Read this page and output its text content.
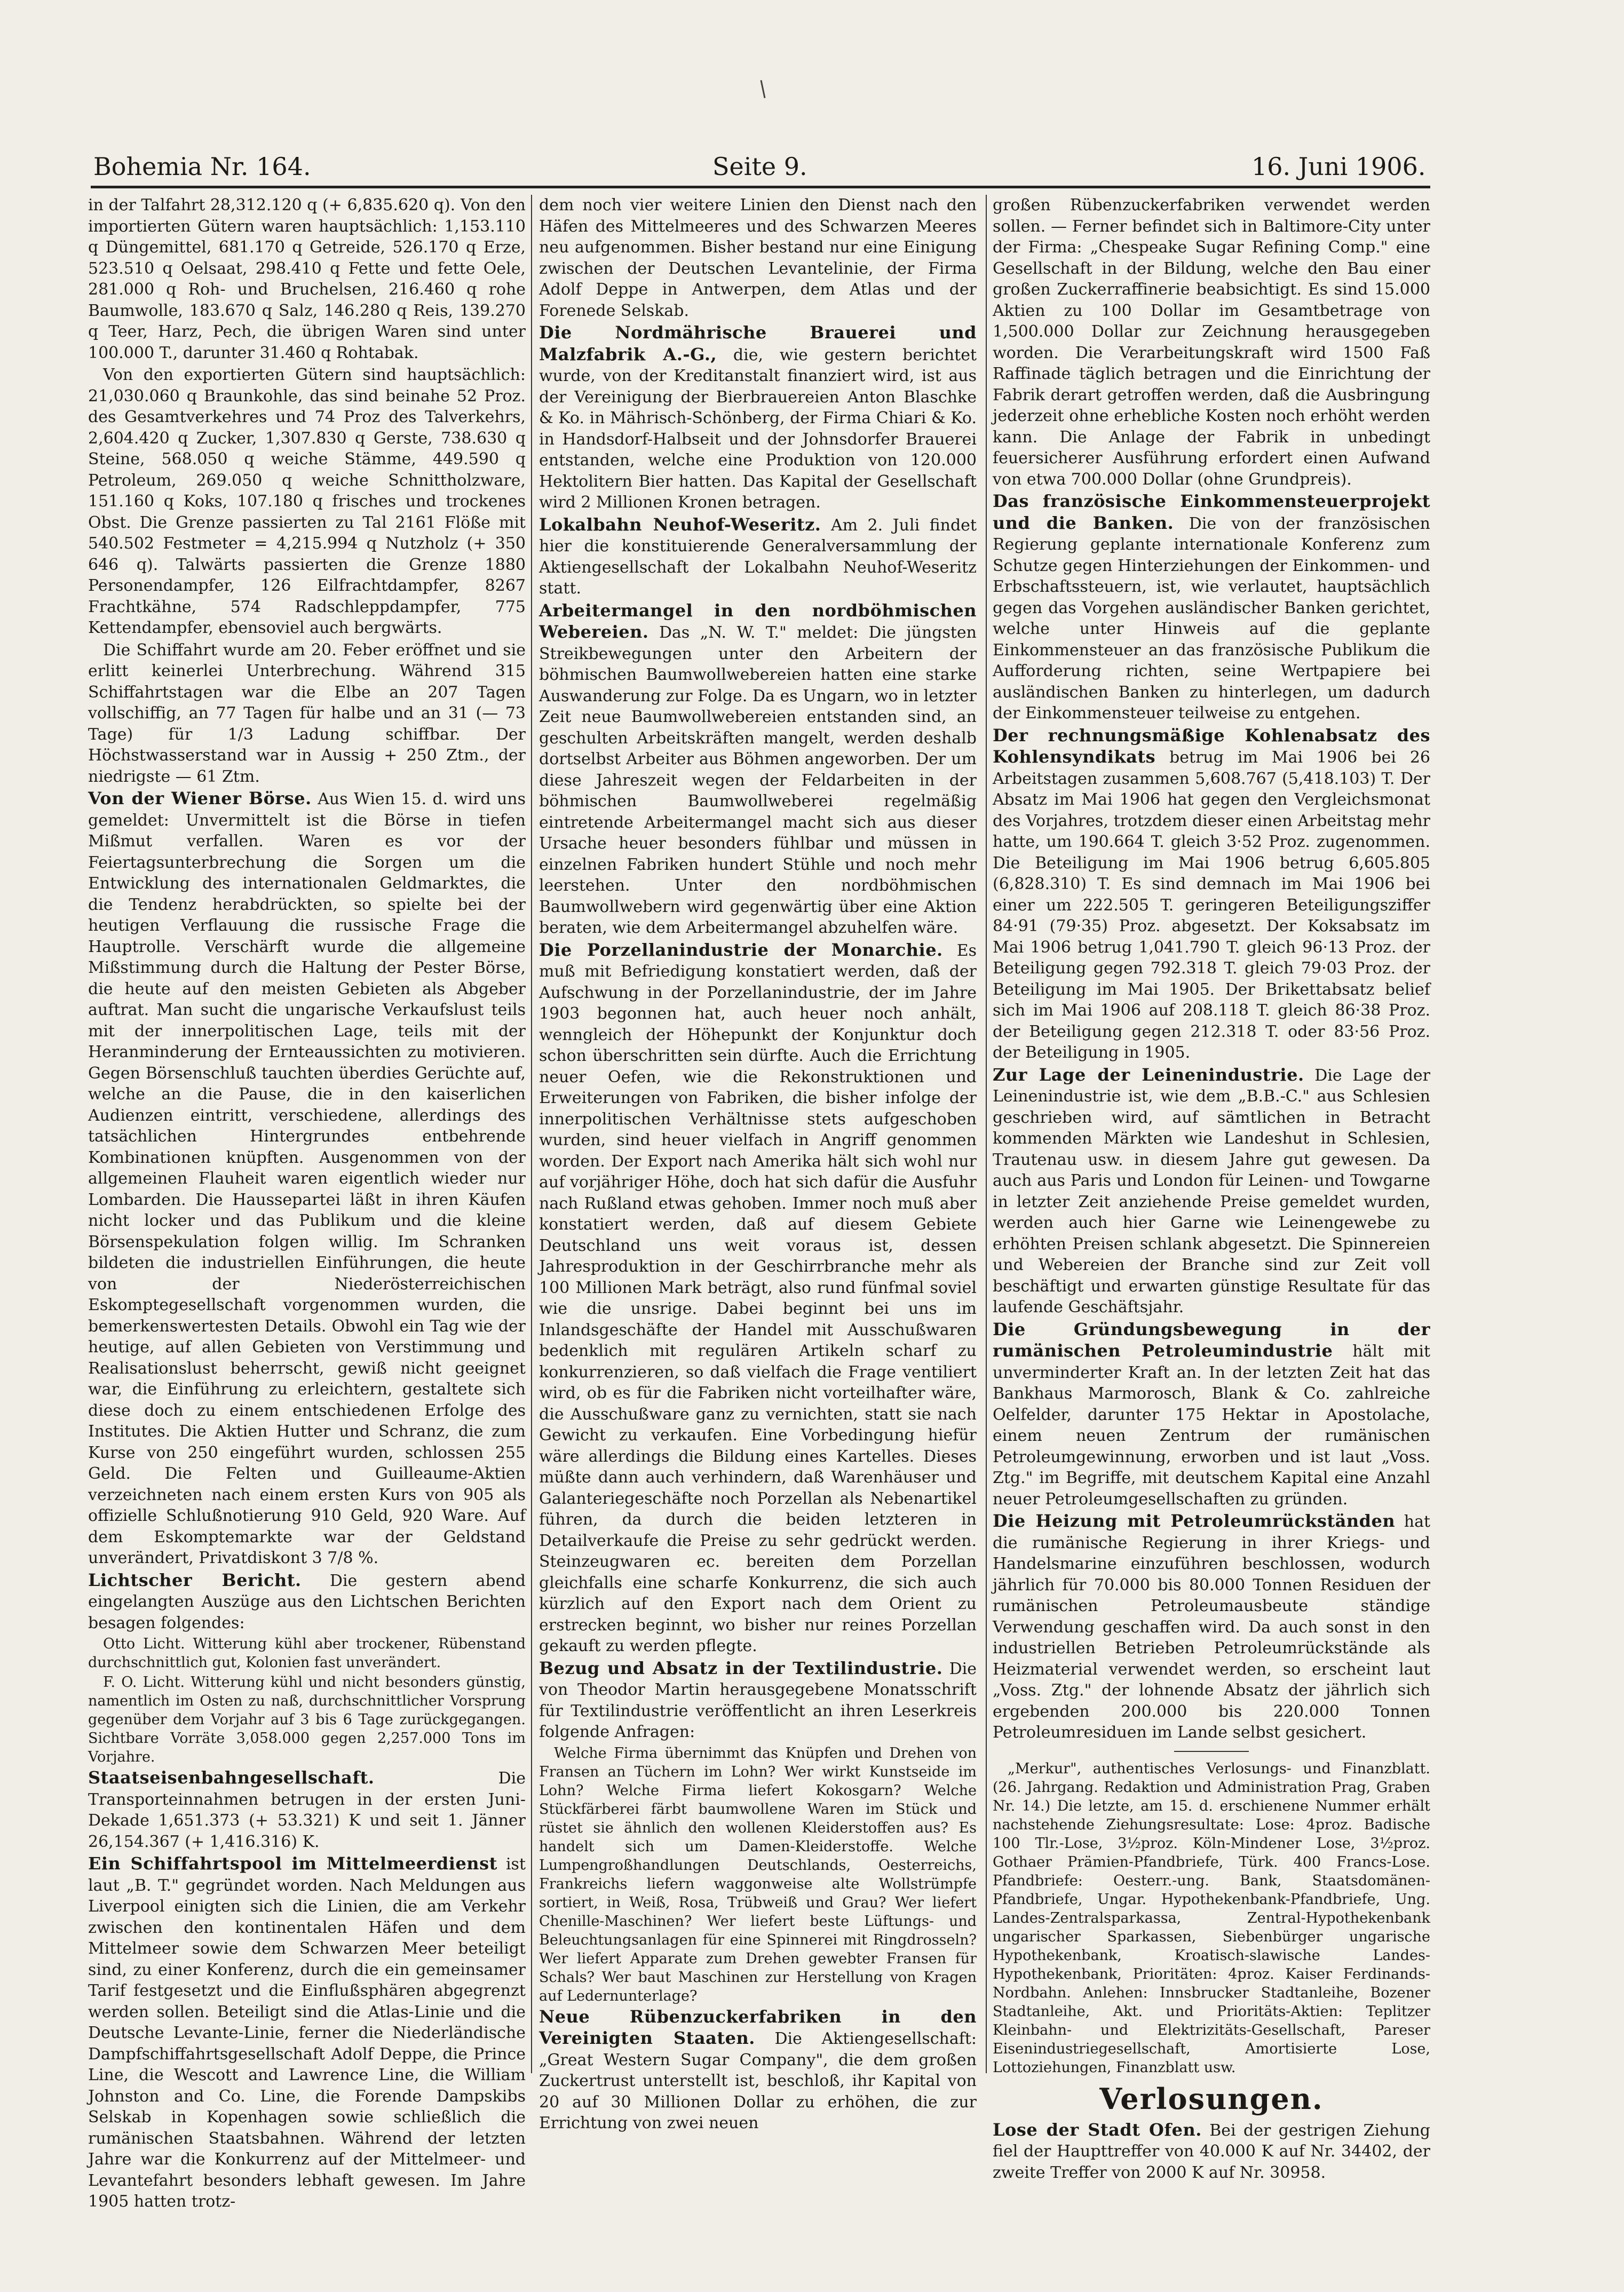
Bohemia Nr. 164.	Seite 9.	16. Juni 1906.

in der Talfahrt 28,312.120 q (+ 6,835.620 q). Von den importierten Gütern waren hauptsächlich: 1,153.110 q Düngemittel, 681.170 q Getreide, 526.170 q Erze, 523.510 q Oelsaat, 298.410 q Fette und fette Oele, 281.000 q Roh- und Bruchelsen, 216.460 q rohe Baumwolle, 183.670 q Salz, 146.280 q Reis, 139.270 q Teer, Harz, Pech, die übrigen Waren sind unter 100.000 T., darunter 31.460 q Rohtabak.

Von den exportierten Gütern sind hauptsächlich: 21,030.060 q Braunkohle, das sind beinahe 52 Proz. des Gesamtverkehres und 74 Proz des Talverkehrs, 2,604.420 q Zucker, 1,307.830 q Gerste, 738.630 q Steine, 568.050 q weiche Stämme, 449.590 q Petroleum, 269.050 q weiche Schnittholzware, 151.160 q Koks, 107.180 q frisches und trockenes Obst. Die Grenze passierten zu Tal 2161 Flöße mit 540.502 Festmeter = 4,215.994 q Nutzholz (+ 350 646 q). Talwärts passierten die Grenze 1880 Personendampfer, 126 Eilfrachtdampfer, 8267 Frachtkähne, 574 Radschleppdampfer, 775 Kettendampfer, ebensoviel auch bergwärts.

Die Schiffahrt wurde am 20. Feber eröffnet und sie erlitt keinerlei Unterbrechung. Während 315 Schiffahrtstagen war die Elbe an 207 Tagen vollschiffig, an 77 Tagen für halbe und an 31 (— 73 Tage) für 1/3 Ladung schiffbar. Der Höchstwasserstand war in Aussig + 250 Ztm., der niedrigste — 61 Ztm.

Von der Wiener Börse. Aus Wien 15. d. wird uns gemeldet: Unvermittelt ist die Börse in tiefen Mißmut verfallen. Waren es vor der Feiertagsunterbrechung die Sorgen um die Entwicklung des internationalen Geldmarktes, die die Tendenz herabdrückten, so spielte bei der heutigen Verflauung die russische Frage die Hauptrolle. Verschärft wurde die allgemeine Mißstimmung durch die Haltung der Pester Börse, die heute auf den meisten Gebieten als Abgeber auftrat. Man sucht die ungarische Verkaufslust teils mit der innerpolitischen Lage, teils mit der Heranminderung der Ernteaussichten zu motivieren. Gegen Börsenschluß tauchten überdies Gerüchte auf, welche an die Pause, die in den kaiserlichen Audienzen eintritt, verschiedene, allerdings des tatsächlichen Hintergrundes entbehrende Kombinationen knüpften. Ausgenommen von der allgemeinen Flauheit waren eigentlich wieder nur Lombarden. Die Haussepartei läßt in ihren Käufen nicht locker und das Publikum und die kleine Börsenspekulation folgen willig. Im Schranken bildeten die industriellen Einführungen, die heute von der Niederösterreichischen Eskomptegesellschaft vorgenommen wurden, die bemerkenswertesten Details. Obwohl ein Tag wie der heutige, auf allen Gebieten von Verstimmung und Realisationslust beherrscht, gewiß nicht geeignet war, die Einführung zu erleichtern, gestaltete sich diese doch zu einem entschiedenen Erfolge des Institutes. Die Aktien Hutter und Schranz, die zum Kurse von 250 eingeführt wurden, schlossen 255 Geld. Die Felten und Guilleaume-Aktien verzeichneten nach einem ersten Kurs von 905 als offizielle Schlußnotierung 910 Geld, 920 Ware. Auf dem Eskomptemarkte war der Geldstand unverändert, Privatdiskont 3 7/8 %.

Lichtscher Bericht. Die gestern abend eingelangten Auszüge aus den Lichtschen Berichten besagen folgendes:

Otto Licht. Witterung kühl aber trockener, Rübenstand durchschnittlich gut, Kolonien fast unverändert.

F. O. Licht. Witterung kühl und nicht besonders günstig, namentlich im Osten zu naß, durchschnittlicher Vorsprung gegenüber dem Vorjahr auf 3 bis 6 Tage zurückgegangen. Sichtbare Vorräte 3,058.000 gegen 2,257.000 Tons im Vorjahre.

Staatseisenbahngesellschaft.	Die Transporteinnahmen betrugen in der ersten Juni-Dekade 1,651.373 (+ 53.321) K und seit 1. Jänner 26,154.367 (+ 1,416.316) K.

Ein Schiffahrtspool im Mittelmeerdienst ist laut „B. T." gegründet worden. Nach Meldungen aus Liverpool einigten sich die Linien, die am Verkehr zwischen den kontinentalen Häfen und dem Mittelmeer sowie dem Schwarzen Meer beteiligt sind, zu einer Konferenz, durch die ein gemeinsamer Tarif festgesetzt und die Einflußsphären abgegrenzt werden sollen. Beteiligt sind die Atlas-Linie und die Deutsche Levante-Linie, ferner die Niederländische Dampfschiffahrtsgesellschaft Adolf Deppe, die Prince Line, die Wescott and Lawrence Line, die William Johnston and Co. Line, die Forende Dampskibs Selskab in Kopenhagen sowie schließlich die rumänischen Staatsbahnen. Während der letzten Jahre war die Konkurrenz auf der Mittelmeer- und Levantefahrt besonders lebhaft gewesen. Im Jahre 1905 hatten trotz-

dem noch vier weitere Linien den Dienst nach den Häfen des Mittelmeeres und des Schwarzen Meeres neu aufgenommen. Bisher bestand nur eine Einigung zwischen der Deutschen Levantelinie, der Firma Adolf Deppe in Antwerpen, dem Atlas und der Forenede Selskab.

Die Nordmährische Brauerei und Malzfabrik A.-G., die, wie gestern berichtet wurde, von der Kreditanstalt finanziert wird, ist aus der Vereinigung der Bierbrauereien Anton Blaschke & Ko. in Mährisch-Schönberg, der Firma Chiari & Ko. in Handsdorf-Halbseit und der Johnsdorfer Brauerei entstanden, welche eine Produktion von 120.000 Hektolitern Bier hatten. Das Kapital der Gesellschaft wird 2 Millionen Kronen betragen.

Lokalbahn Neuhof-Weseritz. Am 2. Juli findet hier die konstituierende Generalversammlung der Aktiengesellschaft der Lokalbahn Neuhof-Weseritz statt.

Arbeitermangel in den nordböhmischen Webereien. Das „N. W. T." meldet: Die jüngsten Streikbewegungen unter den Arbeitern der böhmischen Baumwollwebereien hatten eine starke Auswanderung zur Folge. Da es Ungarn, wo in letzter Zeit neue Baumwollwebereien entstanden sind, an geschulten Arbeitskräften mangelt, werden deshalb dortselbst Arbeiter aus Böhmen angeworben. Der um diese Jahreszeit wegen der Feldarbeiten in der böhmischen Baumwollweberei regelmäßig eintretende Arbeitermangel macht sich aus dieser Ursache heuer besonders fühlbar und müssen in einzelnen Fabriken hundert Stühle und noch mehr leerstehen. Unter den nordböhmischen Baumwollwebern wird gegenwärtig über eine Aktion beraten, wie dem Arbeitermangel abzuhelfen wäre.

Die Porzellanindustrie der Monarchie. Es muß mit Befriedigung konstatiert werden, daß der Aufschwung in der Porzellanindustrie, der im Jahre 1903 begonnen hat, auch heuer noch anhält, wenngleich der Höhepunkt der Konjunktur doch schon überschritten sein dürfte. Auch die Errichtung neuer Oefen, wie die Rekonstruktionen und Erweiterungen von Fabriken, die bisher infolge der innerpolitischen Verhältnisse stets aufgeschoben wurden, sind heuer vielfach in Angriff genommen worden. Der Export nach Amerika hält sich wohl nur auf vorjähriger Höhe, doch hat sich dafür die Ausfuhr nach Rußland etwas gehoben. Immer noch muß aber konstatiert werden, daß auf diesem Gebiete Deutschland uns weit voraus ist, dessen Jahresproduktion in der Geschirrbranche mehr als 100 Millionen Mark beträgt, also rund fünfmal soviel wie die unsrige. Dabei beginnt bei uns im Inlandsgeschäfte der Handel mit Ausschußwaren bedenklich mit regulären Artikeln scharf zu konkurrenzieren, so daß vielfach die Frage ventiliert wird, ob es für die Fabriken nicht vorteilhafter wäre, die Ausschußware ganz zu vernichten, statt sie nach Gewicht zu verkaufen. Eine Vorbedingung hiefür wäre allerdings die Bildung eines Kartelles. Dieses müßte dann auch verhindern, daß Warenhäuser und Galanteriegeschäfte noch Porzellan als Nebenartikel führen, da durch die beiden letzteren in Detailverkaufe die Preise zu sehr gedrückt werden. Steinzeugwaren ec. bereiten dem Porzellan gleichfalls eine scharfe Konkurrenz, die sich auch kürzlich auf den Export nach dem Orient zu erstrecken beginnt, wo bisher nur reines Porzellan gekauft zu werden pflegte.

Bezug und Absatz in der Textilindustrie. Die von Theodor Martin herausgegebene Monatsschrift für Textilindustrie veröffentlicht an ihren Leserkreis folgende Anfragen:

Welche Firma übernimmt das Knüpfen und Drehen von Fransen an Tüchern im Lohn? Wer wirkt Kunstseide im Lohn? Welche Firma liefert Kokosgarn? Welche Stückfärberei färbt baumwollene Waren im Stück und rüstet sie ähnlich den wollenen Kleiderstoffen aus? Es handelt sich um Damen-Kleiderstoffe. Welche Lumpengroßhandlungen Deutschlands, Oesterreichs, Frankreichs liefern waggonweise alte Wollstrümpfe sortiert, in Weiß, Rosa, Trübweiß und Grau? Wer liefert Chenille-Maschinen? Wer liefert beste Lüftungs- und Beleuchtungsanlagen für eine Spinnerei mit Ringdrosseln? Wer liefert Apparate zum Drehen gewebter Fransen für Schals? Wer baut Maschinen zur Herstellung von Kragen auf Ledernunterlage?

Neue Rübenzuckerfabriken in den Vereinigten Staaten. Die Aktiengesellschaft: „Great Western Sugar Company", die dem großen Zuckertrust unterstellt ist, beschloß, ihr Kapital von 20 auf 30 Millionen Dollar zu erhöhen, die zur Errichtung von zwei neuen

großen Rübenzuckerfabriken verwendet werden sollen. — Ferner befindet sich in Baltimore-City unter der Firma: „Chespeake Sugar Refining Comp." eine Gesellschaft in der Bildung, welche den Bau einer großen Zuckerraffinerie beabsichtigt. Es sind 15.000 Aktien zu 100 Dollar im Gesamtbetrage von 1,500.000 Dollar zur Zeichnung herausgegeben worden. Die Verarbeitungskraft wird 1500 Faß Raffinade täglich betragen und die Einrichtung der Fabrik derart getroffen werden, daß die Ausbringung jederzeit ohne erhebliche Kosten noch erhöht werden kann. Die Anlage der Fabrik in unbedingt feuersicherer Ausführung erfordert einen Aufwand von etwa 700.000 Dollar (ohne Grundpreis).

Das französische Einkommensteuerprojekt und die Banken. Die von der französischen Regierung geplante internationale Konferenz zum Schutze gegen Hinterziehungen der Einkommen- und Erbschaftssteuern, ist, wie verlautet, hauptsächlich gegen das Vorgehen ausländischer Banken gerichtet, welche unter Hinweis auf die geplante Einkommensteuer an das französische Publikum die Aufforderung richten, seine Wertpapiere bei ausländischen Banken zu hinterlegen, um dadurch der Einkommensteuer teilweise zu entgehen.

Der rechnungsmäßige Kohlenabsatz des Kohlensyndikats betrug im Mai 1906 bei 26 Arbeitstagen zusammen 5,608.767 (5,418.103) T. Der Absatz im Mai 1906 hat gegen den Vergleichsmonat des Vorjahres, trotzdem dieser einen Arbeitstag mehr hatte, um 190.664 T. gleich 3·52 Proz. zugenommen. Die Beteiligung im Mai 1906 betrug 6,605.805 (6,828.310) T. Es sind demnach im Mai 1906 bei einer um 222.505 T. geringeren Beteiligungsziffer 84·91 (79·35) Proz. abgesetzt. Der Koksabsatz im Mai 1906 betrug 1,041.790 T. gleich 96·13 Proz. der Beteiligung gegen 792.318 T. gleich 79·03 Proz. der Beteiligung im Mai 1905. Der Brikettabsatz belief sich im Mai 1906 auf 208.118 T. gleich 86·38 Proz. der Beteiligung gegen 212.318 T. oder 83·56 Proz. der Beteiligung in 1905.

Zur Lage der Leinenindustrie. Die Lage der Leinenindustrie ist, wie dem „B.B.-C." aus Schlesien geschrieben wird, auf sämtlichen in Betracht kommenden Märkten wie Landeshut in Schlesien, Trautenau usw. in diesem Jahre gut gewesen. Da auch aus Paris und London für Leinen- und Towgarne in letzter Zeit anziehende Preise gemeldet wurden, werden auch hier Garne wie Leinengewebe zu erhöhten Preisen schlank abgesetzt. Die Spinnereien und Webereien der Branche sind zur Zeit voll beschäftigt und erwarten günstige Resultate für das laufende Geschäftsjahr.

Die Gründungsbewegung in der rumänischen Petroleumindustrie hält mit unverminderter Kraft an. In der letzten Zeit hat das Bankhaus Marmorosch, Blank & Co. zahlreiche Oelfelder, darunter 175 Hektar in Apostolache, einem neuen Zentrum der rumänischen Petroleumgewinnung, erworben und ist laut „Voss. Ztg." im Begriffe, mit deutschem Kapital eine Anzahl neuer Petroleumgesellschaften zu gründen.

Die Heizung mit Petroleumrückständen hat die rumänische Regierung in ihrer Kriegs- und Handelsmarine einzuführen beschlossen, wodurch jährlich für 70.000 bis 80.000 Tonnen Residuen der rumänischen Petroleumausbeute ständige Verwendung geschaffen wird. Da auch sonst in den industriellen Betrieben Petroleumrückstände als Heizmaterial verwendet werden, so erscheint laut „Voss. Ztg." der lohnende Absatz der jährlich sich ergebenden 200.000 bis 220.000 Tonnen Petroleumresiduen im Lande selbst gesichert.

„Merkur", authentisches Verlosungs- und Finanzblatt. (26. Jahrgang. Redaktion und Administration Prag, Graben Nr. 14.) Die letzte, am 15. d. erschienene Nummer erhält nachstehende Ziehungsresultate: Lose: 4proz. Badische 100 Tlr.-Lose, 3½proz. Köln-Mindener Lose, 3½proz. Gothaer Prämien-Pfandbriefe, Türk. 400 Francs-Lose. Pfandbriefe: Oesterr.-ung. Bank, Staatsdomänen-Pfandbriefe, Ungar. Hypothekenbank-Pfandbriefe, Ung. Landes-Zentralsparkassa, Zentral-Hypothekenbank ungarischer Sparkassen, Siebenbürger ungarische Hypothekenbank, Kroatisch-slawische Landes-Hypothekenbank, Prioritäten: 4proz. Kaiser Ferdinands-Nordbahn. Anlehen: Innsbrucker Stadtanleihe, Bozener Stadtanleihe, Akt. und Prioritäts-Aktien: Teplitzer Kleinbahn- und Elektrizitäts-Gesellschaft, Pareser Eisenindustriegesellschaft, Amortisierte Lose, Lottoziehungen, Finanzblatt usw.

Verlosungen.

Lose der Stadt Ofen. Bei der gestrigen Ziehung fiel der Haupttreffer von 40.000 K auf Nr. 34402, der zweite Treffer von 2000 K auf Nr. 30958.
